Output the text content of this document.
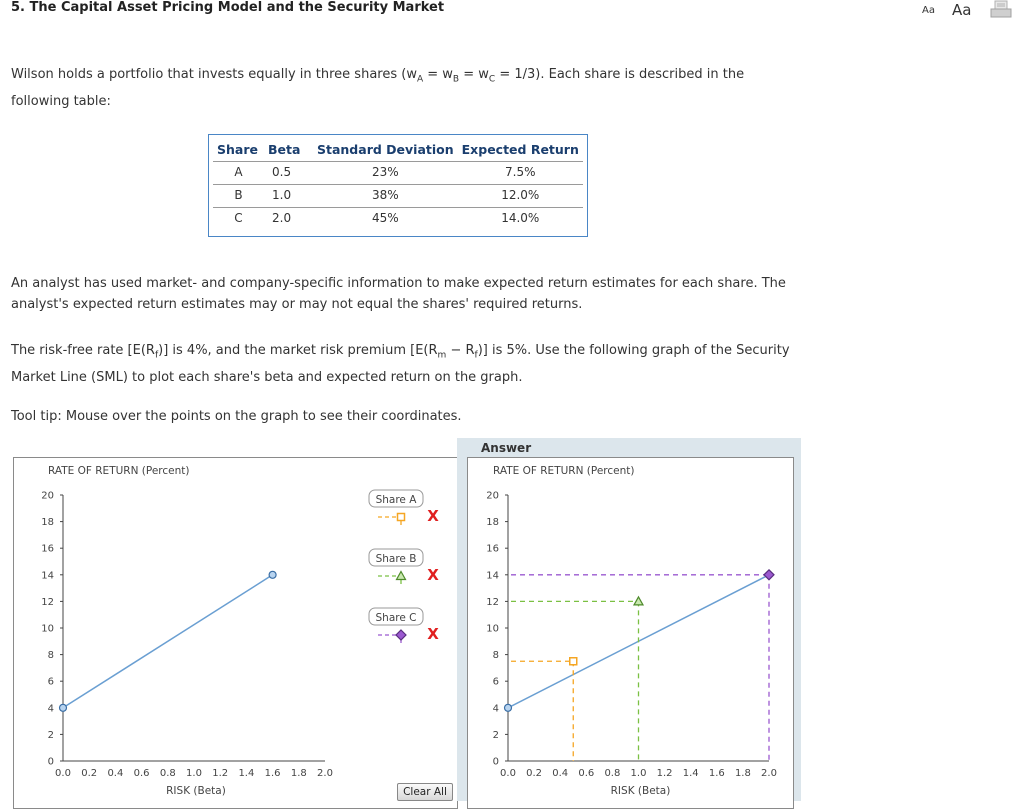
5. The Capital Asset Pricing Model and the Security Market	Aa Aa
Wilson holds a portfolio that invests equally in three shares $(w_A = w_B = w_C = 1/3)$. Each share is described in the following table:
Share	Beta	Standard Deviation	Expected Return
A	0.5	23%	7.5%
B	1.0	38%	12.0%
C	2.0	45%	14.0%
An analyst has used market- and company-specific information to make expected return estimates for each share. The analyst's expected return estimates may or may not equal the shares' required returns.
The risk-free rate $[E(R_f)]$ is 4%, and the market risk premium $[E(R_m - R_f)]$ is 5%. Use the following graph of the Security Market Line (SML) to plot each share's beta and expected return on the graph.
Tool tip: Mouse over the points on the graph to see their coordinates.
Answer
RATE OF RETURN (Percent)
RISK (Beta)
0
2
4
6
8
10
12
14
16
18
20
0.0 0.2 0.4 0.6 0.8 1.0 1.2 1.4 1.6 1.8 2.0
RATE OF RETURN (Percent)
RISK (Beta)
0
2
4
6
8
10
12
14
16
18
20
0.0 0.2 0.4 0.6 0.8 1.0 1.2 1.4 1.6 1.8 2.0
Share A
X
Share B
X
Share C
X
Clear All
